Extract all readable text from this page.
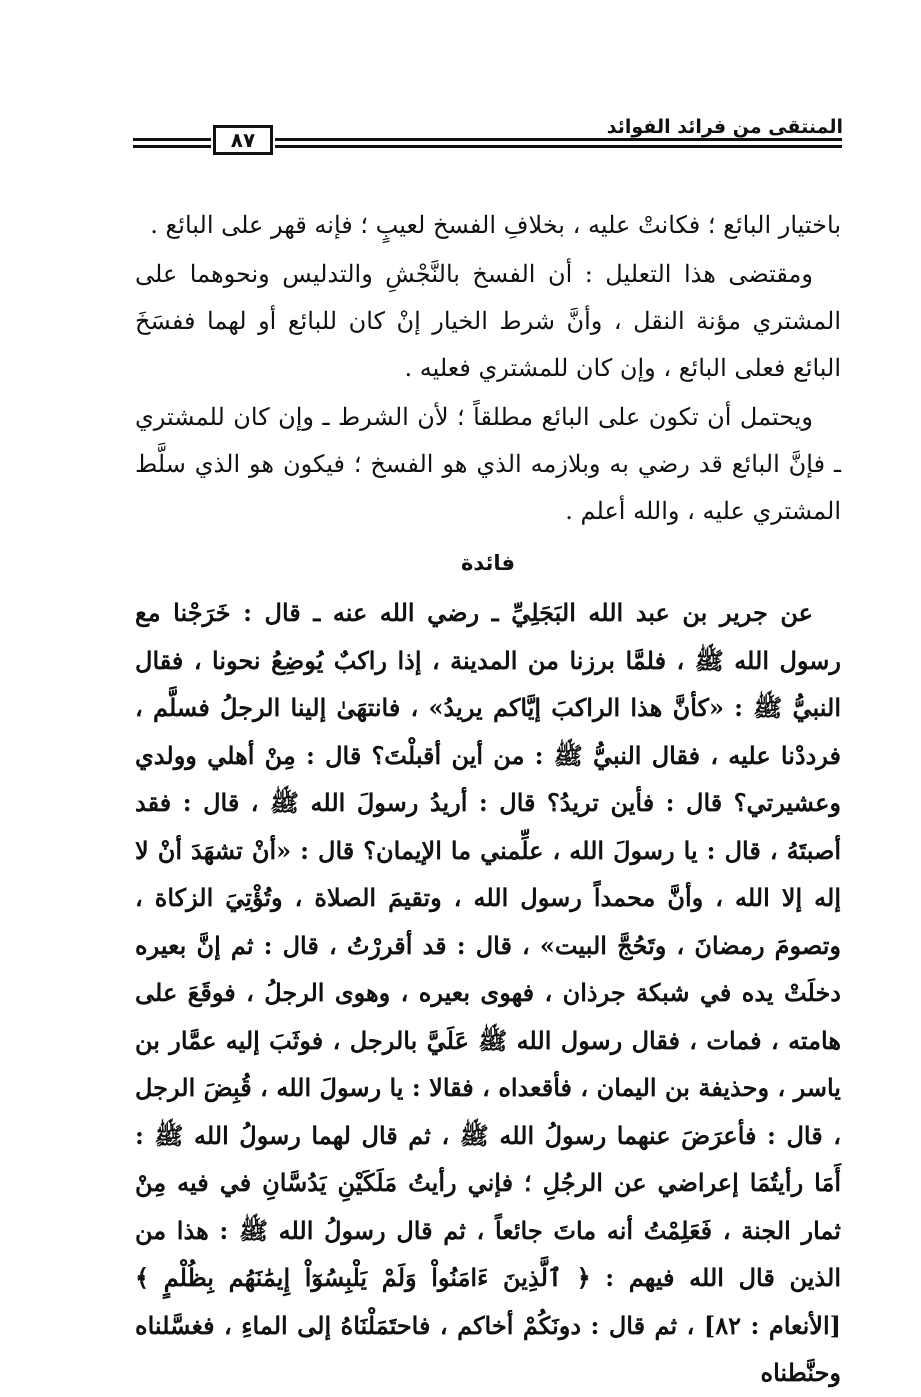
المنتقى من فرائد الفوائد
٨٧

باختيار البائع ؛ فكانتْ عليه ، بخلافِ الفسخ لعيبٍ ؛ فإنه قهر على البائع .

ومقتضى هذا التعليل : أن الفسخ بالنَّجْشِ والتدليس ونحوهما على المشتري مؤنة النقل ، وأنَّ شرط الخيار إنْ كان للبائع أو لهما ففسَخَ البائع فعلى البائع ، وإن كان للمشتري فعليه .

ويحتمل أن تكون على البائع مطلقاً ؛ لأن الشرط ـ وإن كان للمشتري ـ فإنَّ البائع قد رضي به وبلازمه الذي هو الفسخ ؛ فيكون هو الذي سلَّط المشتري عليه ، والله أعلم .

فائدة

عن جرير بن عبد الله البَجَلِيِّ ـ رضي الله عنه ـ قال : خَرَجْنا مع رسول الله ﷺ ، فلمَّا برزنا من المدينة ، إذا راكبٌ يُوضِعُ نحونا ، فقال النبيُّ ﷺ : «كأنَّ هذا الراكبَ إيَّاكم يريدُ» ، فانتهَىٰ إلينا الرجلُ فسلَّم ، فرددْنا عليه ، فقال النبيُّ ﷺ : من أين أقبلْتَ؟ قال : مِنْ أهلي وولدي وعشيرتي؟ قال : فأين تريدُ؟ قال : أريدُ رسولَ الله ﷺ ، قال : فقد أصبتَهُ ، قال : يا رسولَ الله ، علِّمني ما الإيمان؟ قال : «أنْ تشهَدَ أنْ لا إله إلا الله ، وأنَّ محمداً رسول الله ، وتقيمَ الصلاة ، وتُؤْتِيَ الزكاة ، وتصومَ رمضانَ ، وتَحُجَّ البيت» ، قال : قد أقررْتُ ، قال : ثم إنَّ بعيره دخلَتْ يده في شبكة جرذان ، فهوى بعيره ، وهوى الرجلُ ، فوقَعَ على هامته ، فمات ، فقال رسول الله ﷺ عَلَيَّ بالرجل ، فوثَبَ إليه عمَّار بن ياسر ، وحذيفة بن اليمان ، فأقعداه ، فقالا : يا رسولَ الله ، قُبِضَ الرجل ، قال : فأعرَضَ عنهما رسولُ الله ﷺ ، ثم قال لهما رسولُ الله ﷺ : أَمَا رأيتُمَا إعراضي عن الرجُلِ ؛ فإني رأيتُ مَلَكَيْنِ يَدُسَّانِ في فيه مِنْ ثمار الجنة ، فَعَلِمْتُ أنه ماتَ جائعاً ، ثم قال رسولُ الله ﷺ : هذا من الذين قال الله فيهم : ﴿ ٱلَّذِينَ ءَامَنُواْ وَلَمْ يَلْبِسُوٓاْ إِيمَٰنَهُم بِظُلْمٍ ﴾ [الأنعام : ٨٢] ، ثم قال : دونَكُمْ أخاكم ، فاحتَمَلْنَاهُ إلى الماءِ ، فغسَّلناه وحنَّطناه
